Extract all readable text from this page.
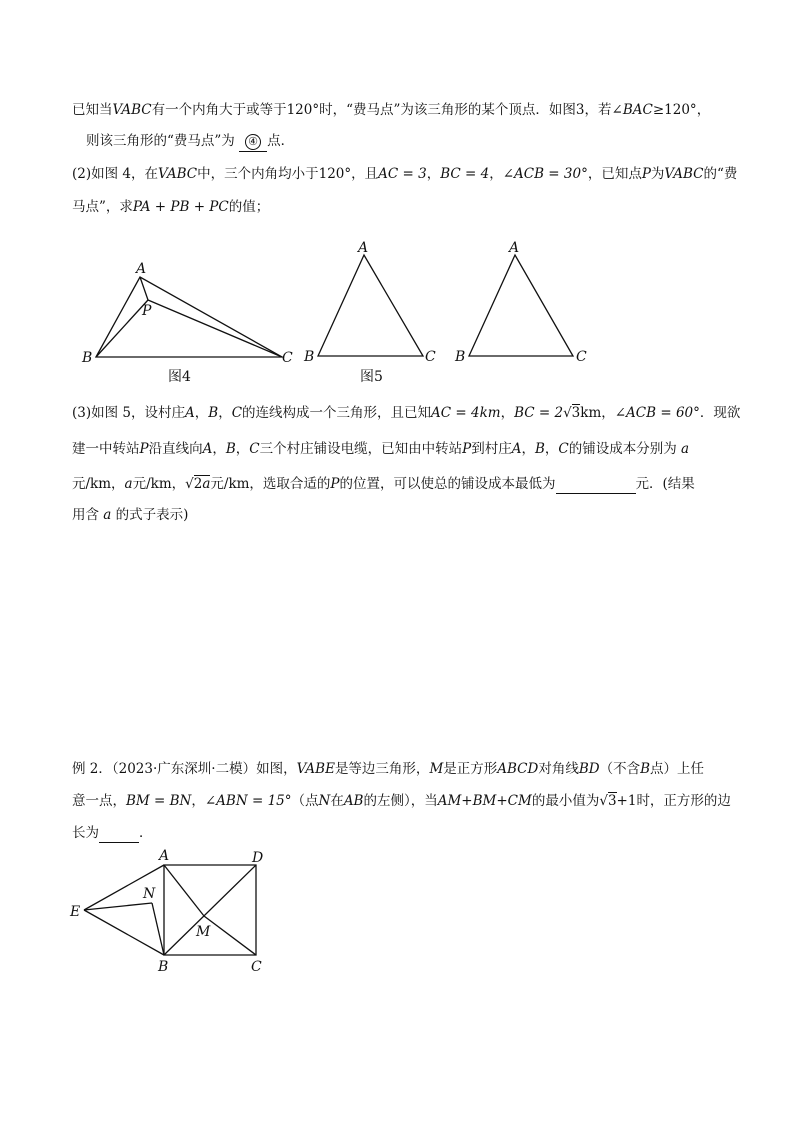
已知当VABC有一个内角大于或等于120°时，“费马点”为该三角形的某个顶点．如图3，若∠BAC≥120°，
则该三角形的“费马点”为 ④ 点．
(2)如图 4，在VABC中，三个内角均小于120°，且AC = 3，BC = 4，∠ACB = 30°，已知点P为VABC的“费
马点”，求PA + PB + PC的值；
A
P
B	C
图4
A
B	C
图5
A
B	C
(3)如图 5，设村庄A，B，C的连线构成一个三角形，且已知AC = 4km，BC = 2√3km，∠ACB = 60°．现欲
建一中转站P沿直线向A，B，C三个村庄铺设电缆，已知由中转站P到村庄A，B，C的铺设成本分别为 a
元/km，a元/km，√2a元/km，选取合适的P的位置，可以使总的铺设成本最低为	元．(结果
用含 a 的式子表示)
例 2．（2023·广东深圳·二模）如图，VABE是等边三角形，M是正方形ABCD对角线BD（不含B点）上任
意一点，BM = BN，∠ABN = 15°（点N在AB的左侧），当AM+BM+CM的最小值为√3+1时，正方形的边
长为	．
A	D
E
N
M
B	C
